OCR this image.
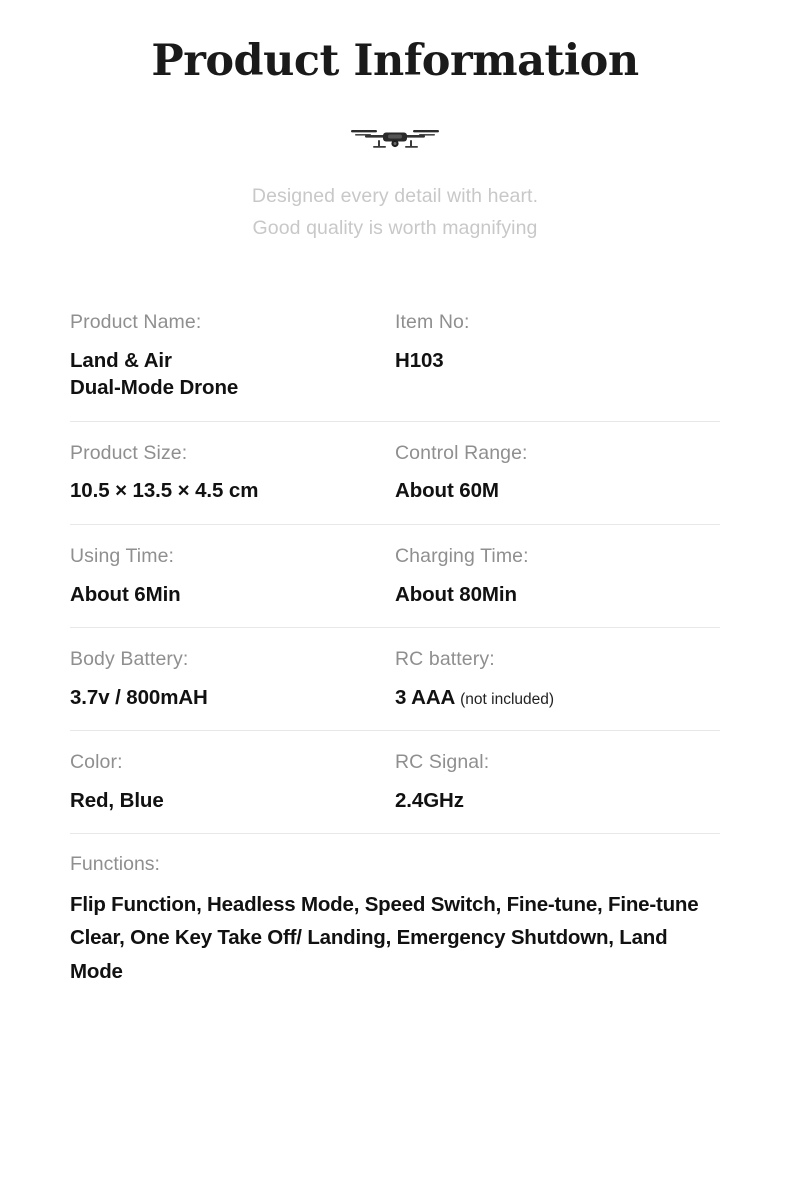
Product Information
Designed every detail with heart.
Good quality is worth magnifying
Product Name:
Land & Air
Dual-Mode Drone
Item No:
H103
Product Size:
10.5 × 13.5 × 4.5 cm
Control Range:
About 60M
Using Time:
About 6Min
Charging Time:
About 80Min
Body Battery:
3.7v / 800mAH
RC battery:
3 AAA (not included)
Color:
Red, Blue
RC Signal:
2.4GHz
Functions:
Flip Function, Headless Mode, Speed Switch, Fine-tune, Fine-tune Clear, One Key Take Off/ Landing, Emergency Shutdown, Land Mode
